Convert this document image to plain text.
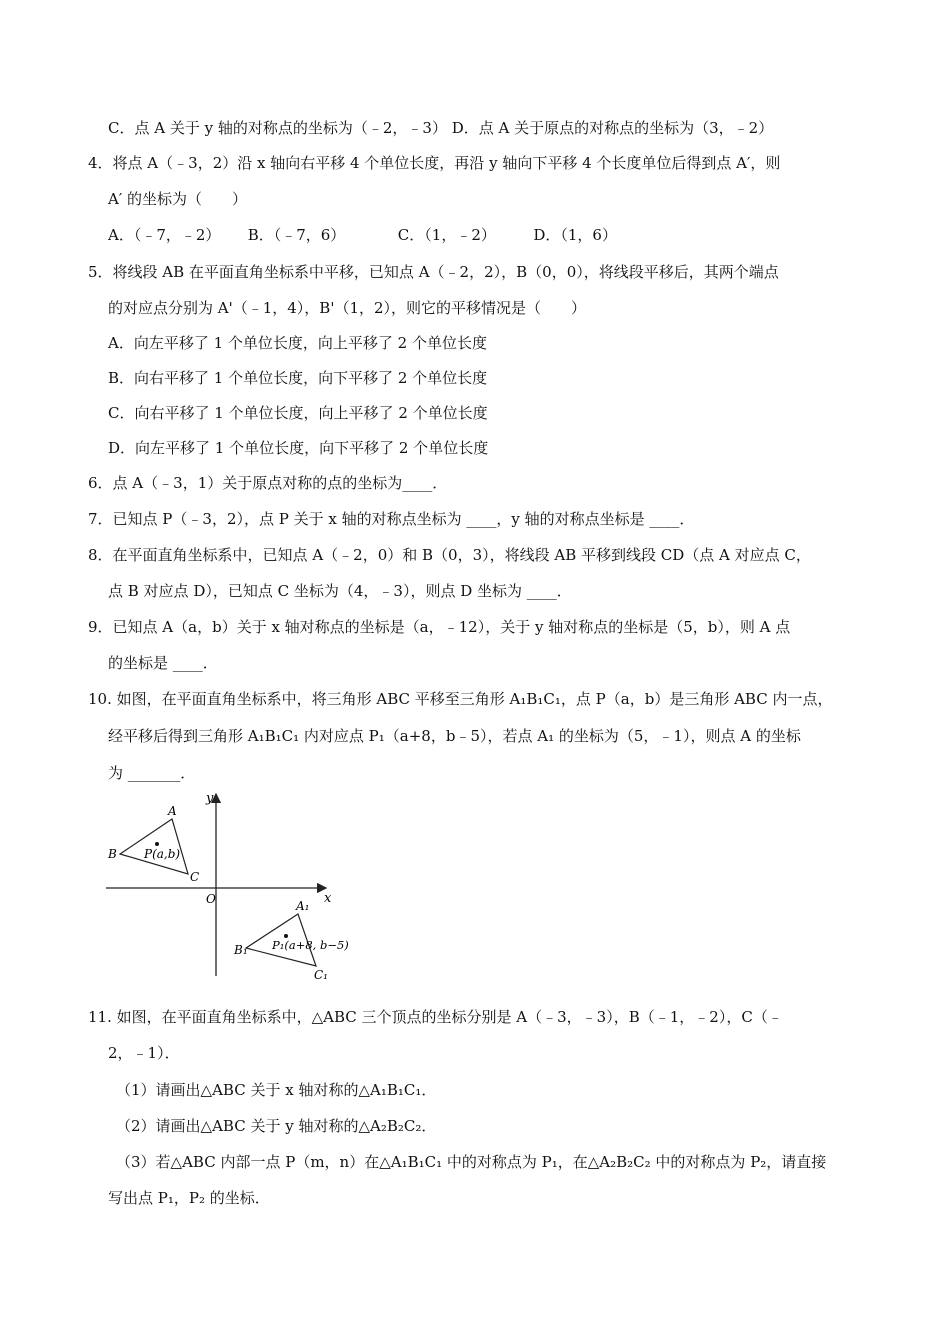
C．点 A 关于 y 轴的对称点的坐标为（﹣2，﹣3） D．点 A 关于原点的对称点的坐标为（3，﹣2）
4．将点 A（﹣3，2）沿 x 轴向右平移 4 个单位长度，再沿 y 轴向下平移 4 个长度单位后得到点 A′，则
A′ 的坐标为（　　）
A．（﹣7，﹣2）　　 B．（﹣7，6）　　　　C．（1，﹣2）　　　D．（1，6）
5．将线段 AB 在平面直角坐标系中平移，已知点 A（﹣2，2），B（0，0），将线段平移后，其两个端点
的对应点分别为 A'（﹣1，4），B'（1，2），则它的平移情况是（　　）
A．向左平移了 1 个单位长度，向上平移了 2 个单位长度
B．向右平移了 1 个单位长度，向下平移了 2 个单位长度
C．向右平移了 1 个单位长度，向上平移了 2 个单位长度
D．向左平移了 1 个单位长度，向下平移了 2 个单位长度
6．点 A（﹣3，1）关于原点对称的点的坐标为____．
7．已知点 P（﹣3，2），点 P 关于 x 轴的对称点坐标为 ____，y 轴的对称点坐标是 ____．
8．在平面直角坐标系中，已知点 A（﹣2，0）和 B（0，3），将线段 AB 平移到线段 CD（点 A 对应点 C，
点 B 对应点 D），已知点 C 坐标为（4，﹣3），则点 D 坐标为 ____．
9．已知点 A（a，b）关于 x 轴对称点的坐标是（a，﹣12），关于 y 轴对称点的坐标是（5，b），则 A 点
的坐标是 ____．
10. 如图，在平面直角坐标系中，将三角形 ABC 平移至三角形 A₁B₁C₁，点 P（a，b）是三角形 ABC 内一点，
经平移后得到三角形 A₁B₁C₁ 内对应点 P₁（a+8，b﹣5），若点 A₁ 的坐标为（5，﹣1），则点 A 的坐标
为 _______．
y
x
O
A
B
C
P(a,b)
A₁
B₁
C₁
P₁(a+8, b−5)
11. 如图，在平面直角坐标系中，△ABC 三个顶点的坐标分别是 A（﹣3，﹣3），B（﹣1，﹣2），C（﹣
2，﹣1）．
（1）请画出△ABC 关于 x 轴对称的△A₁B₁C₁．
（2）请画出△ABC 关于 y 轴对称的△A₂B₂C₂．
（3）若△ABC 内部一点 P（m，n）在△A₁B₁C₁ 中的对称点为 P₁，在△A₂B₂C₂ 中的对称点为 P₂，请直接
写出点 P₁，P₂ 的坐标．
